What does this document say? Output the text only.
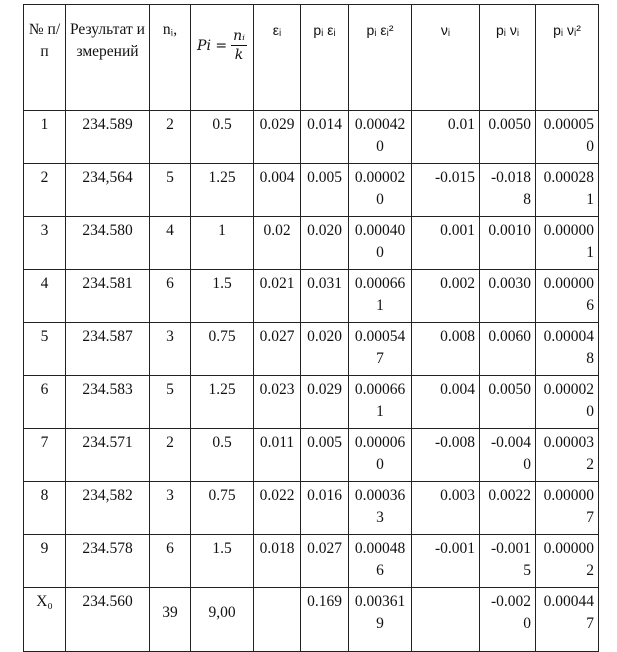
№ п/п	Результат измерений	nᵢ,	$Pi = \frac{\text{nᵢ}}{k}$	εᵢ	pᵢ εᵢ	pᵢ εᵢ²	νᵢ	pᵢ νᵢ	pᵢ νᵢ²
1	234.589	2	0.5	0.029	0.014	0.000420	0.01	0.0050	0.000050
2	234,564	5	1.25	0.004	0.005	0.000020	-0.015	-0.0188	0.000281
3	234.580	4	1	0.02	0.020	0.000400	0.001	0.0010	0.000001
4	234.581	6	1.5	0.021	0.031	0.000661	0.002	0.0030	0.000006
5	234.587	3	0.75	0.027	0.020	0.000547	0.008	0.0060	0.000048
6	234.583	5	1.25	0.023	0.029	0.000661	0.004	0.0050	0.000020
7	234.571	2	0.5	0.011	0.005	0.000060	-0.008	-0.0040	0.000032
8	234,582	3	0.75	0.022	0.016	0.000363	0.003	0.0022	0.000007
9	234.578	6	1.5	0.018	0.027	0.000486	-0.001	-0.0015	0.000002
X₀	234.560	39	9,00		0.169	0.003619		-0.0020	0.000447
